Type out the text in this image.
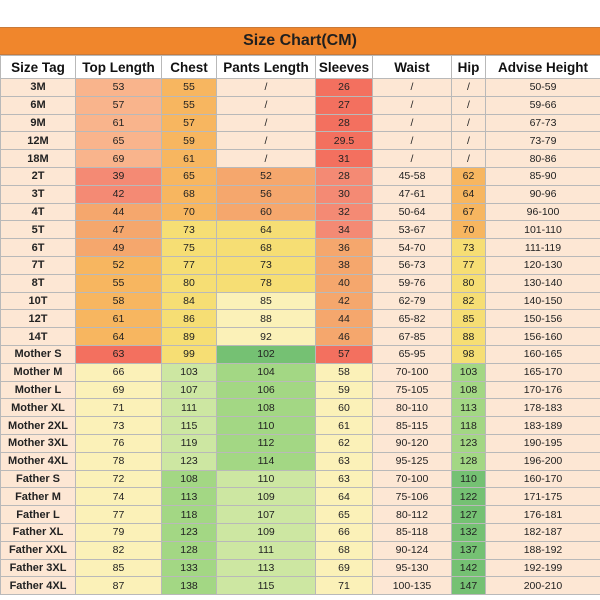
Size Chart(CM)
Size Tag	Top Length	Chest	Pants Length	Sleeves	Waist	Hip	Advise Height
3M	53	55	/	26	/	/	50-59
6M	57	55	/	27	/	/	59-66
9M	61	57	/	28	/	/	67-73
12M	65	59	/	29.5	/	/	73-79
18M	69	61	/	31	/	/	80-86
2T	39	65	52	28	45-58	62	85-90
3T	42	68	56	30	47-61	64	90-96
4T	44	70	60	32	50-64	67	96-100
5T	47	73	64	34	53-67	70	101-110
6T	49	75	68	36	54-70	73	111-119
7T	52	77	73	38	56-73	77	120-130
8T	55	80	78	40	59-76	80	130-140
10T	58	84	85	42	62-79	82	140-150
12T	61	86	88	44	65-82	85	150-156
14T	64	89	92	46	67-85	88	156-160
Mother S	63	99	102	57	65-95	98	160-165
Mother M	66	103	104	58	70-100	103	165-170
Mother L	69	107	106	59	75-105	108	170-176
Mother XL	71	111	108	60	80-110	113	178-183
Mother 2XL	73	115	110	61	85-115	118	183-189
Mother 3XL	76	119	112	62	90-120	123	190-195
Mother 4XL	78	123	114	63	95-125	128	196-200
Father S	72	108	110	63	70-100	110	160-170
Father M	74	113	109	64	75-106	122	171-175
Father L	77	118	107	65	80-112	127	176-181
Father XL	79	123	109	66	85-118	132	182-187
Father XXL	82	128	111	68	90-124	137	188-192
Father 3XL	85	133	113	69	95-130	142	192-199
Father 4XL	87	138	115	71	100-135	147	200-210
